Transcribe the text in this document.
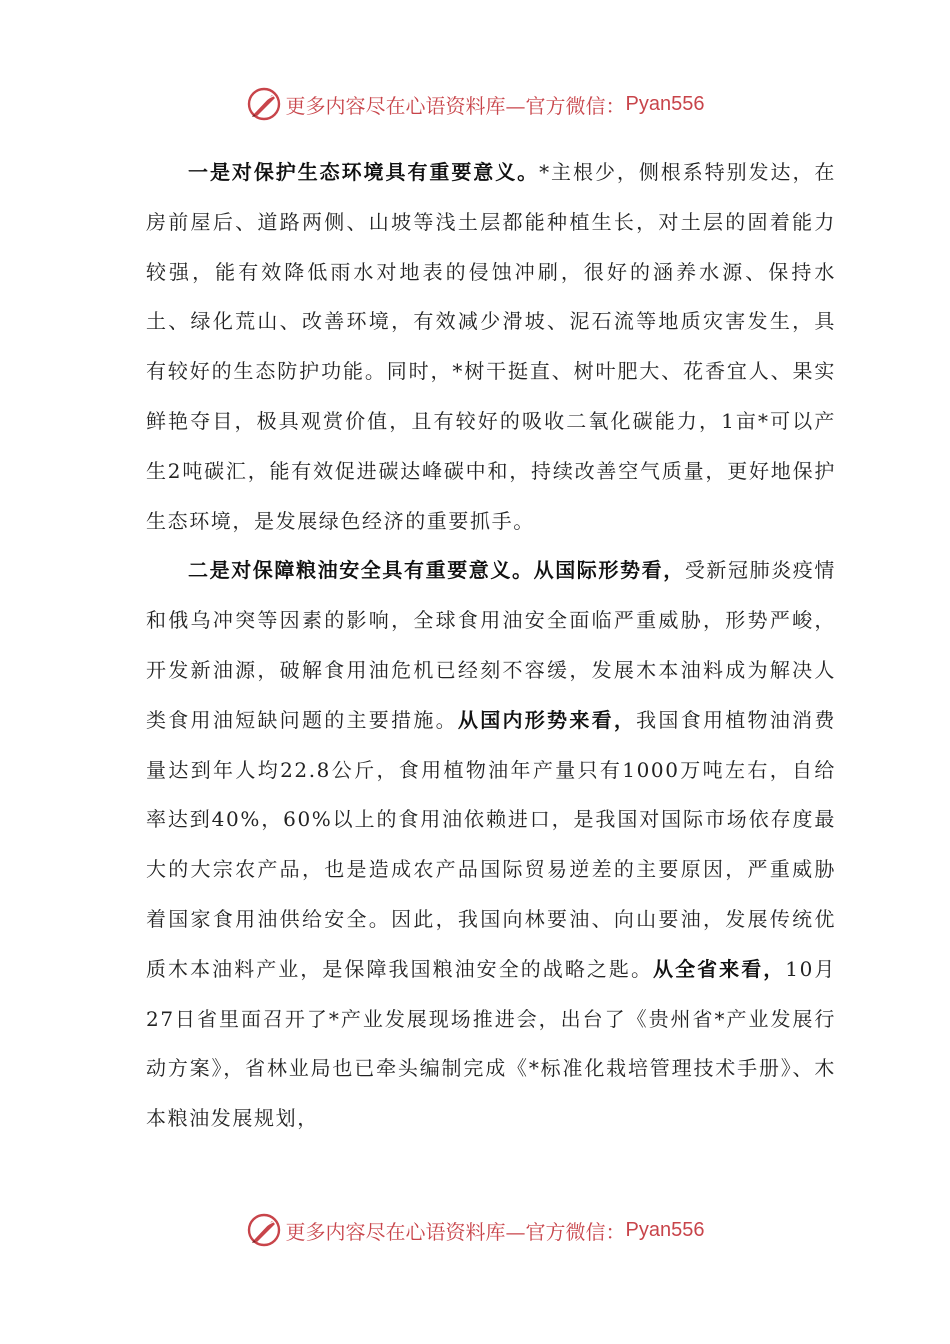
更多内容尽在心语资料库—官方微信： Pyan556

一是对保护生态环境具有重要意义。*主根少，侧根系特别发达，在房前屋后、道路两侧、山坡等浅土层都能种植生长，对土层的固着能力较强，能有效降低雨水对地表的侵蚀冲刷，很好的涵养水源、保持水土、绿化荒山、改善环境，有效减少滑坡、泥石流等地质灾害发生，具有较好的生态防护功能。同时，*树干挺直、树叶肥大、花香宜人、果实鲜艳夺目，极具观赏价值，且有较好的吸收二氧化碳能力，1亩*可以产生2吨碳汇，能有效促进碳达峰碳中和，持续改善空气质量，更好地保护生态环境，是发展绿色经济的重要抓手。

二是对保障粮油安全具有重要意义。从国际形势看，受新冠肺炎疫情和俄乌冲突等因素的影响，全球食用油安全面临严重威胁，形势严峻，开发新油源，破解食用油危机已经刻不容缓，发展木本油料成为解决人类食用油短缺问题的主要措施。从国内形势来看，我国食用植物油消费量达到年人均22.8公斤，食用植物油年产量只有1000万吨左右，自给率达到40%，60%以上的食用油依赖进口，是我国对国际市场依存度最大的大宗农产品，也是造成农产品国际贸易逆差的主要原因，严重威胁着国家食用油供给安全。因此，我国向林要油、向山要油，发展传统优质木本油料产业，是保障我国粮油安全的战略之匙。从全省来看，10月27日省里面召开了*产业发展现场推进会，出台了《贵州省*产业发展行动方案》，省林业局也已牵头编制完成《*标准化栽培管理技术手册》、木本粮油发展规划，

更多内容尽在心语资料库—官方微信： Pyan556
